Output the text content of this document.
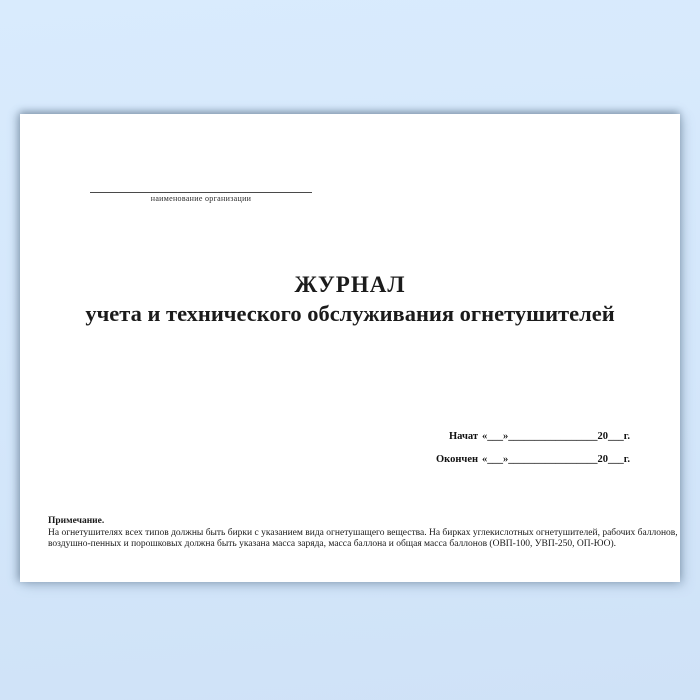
наименование организации
ЖУРНАЛ
учета и технического обслуживания огнетушителей
Начат «___»_________________20___г.
Окончен «___»_________________20___г.
Примечание.
На огнетушителях всех типов должны быть бирки с указанием вида огнетушащего вещества. На бирках углекислотных огнетушителей, рабочих баллонов,
воздушно-пенных и порошковых должна быть указана масса заряда, масса баллона и общая масса баллонов (ОВП-100, УВП-250, ОП-ЮО).
